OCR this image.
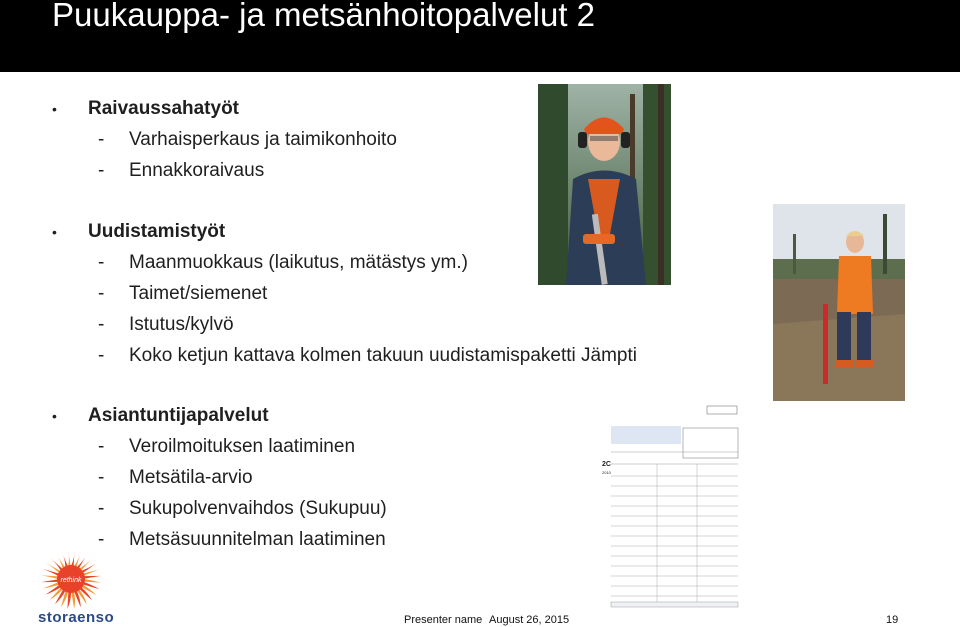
Puukauppa- ja metsänhoitopalvelut 2
• Raivaussahatyöt
- Varhaisperkaus ja taimikonhoito
- Ennakkoraivaus
• Uudistamistyöt
- Maanmuokkaus (laikutus, mätästys ym.)
- Taimet/siemenet
- Istutus/kylvö
- Koko ketjun kattava kolmen takuun uudistamispaketti Jämpti
• Asiantuntijapalvelut
- Veroilmoituksen laatiminen
- Metsätila-arvio
- Sukupolvenvaihdos (Sukupuu)
- Metsäsuunnitelman laatiminen
2C
2010
rethink
storaenso	Presenter name August 26, 2015	19
